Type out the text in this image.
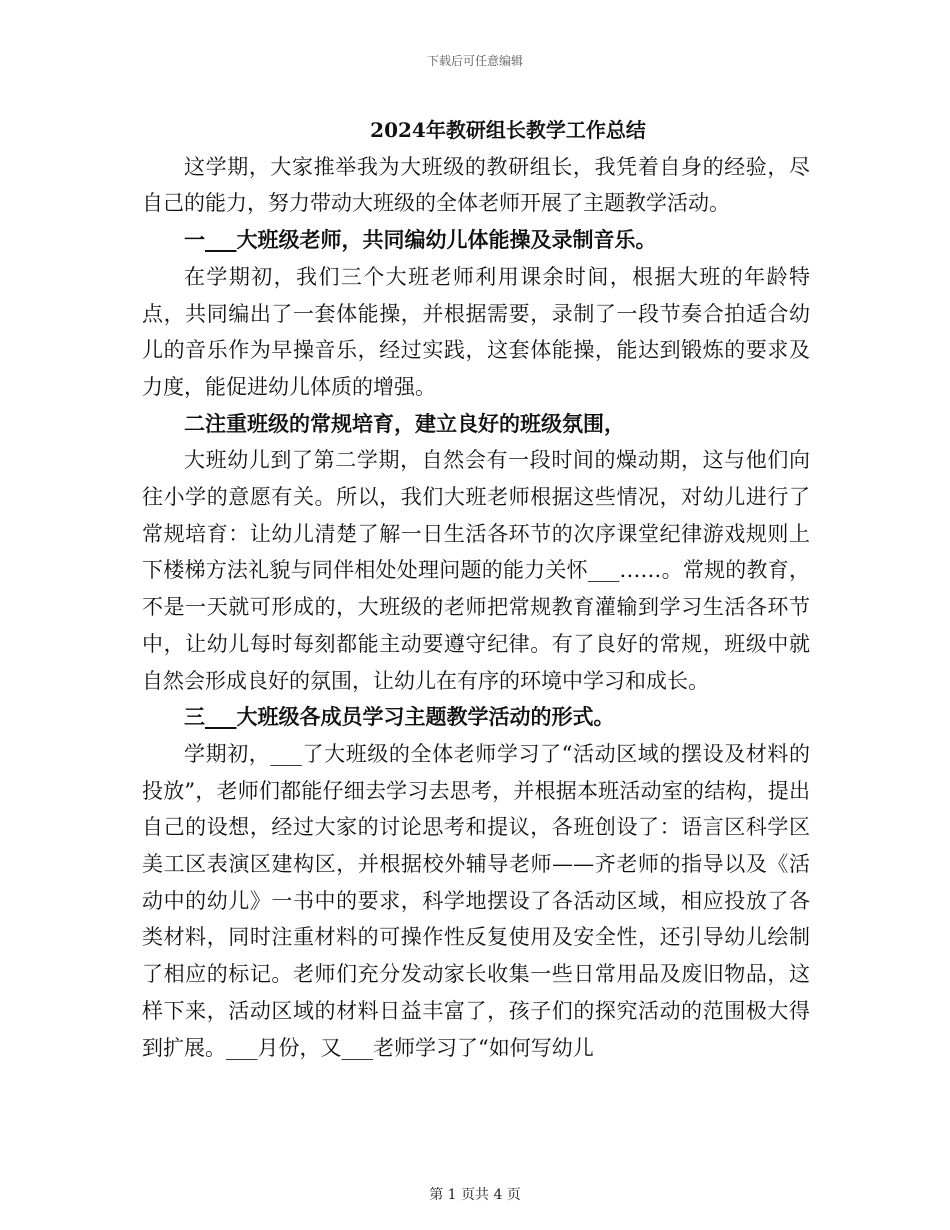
下载后可任意编辑

2024年教研组长教学工作总结

这学期，大家推举我为大班级的教研组长，我凭着自身的经验，尽自己的能力，努力带动大班级的全体老师开展了主题教学活动。

一___大班级老师，共同编幼儿体能操及录制音乐。

在学期初，我们三个大班老师利用课余时间，根据大班的年龄特点，共同编出了一套体能操，并根据需要，录制了一段节奏合拍适合幼儿的音乐作为早操音乐，经过实践，这套体能操，能达到锻炼的要求及力度，能促进幼儿体质的增强。

二注重班级的常规培育，建立良好的班级氛围，

大班幼儿到了第二学期，自然会有一段时间的燥动期，这与他们向往小学的意愿有关。所以，我们大班老师根据这些情况，对幼儿进行了常规培育：让幼儿清楚了解一日生活各环节的次序课堂纪律游戏规则上下楼梯方法礼貌与同伴相处处理问题的能力关怀___……。常规的教育，不是一天就可形成的，大班级的老师把常规教育灌输到学习生活各环节中，让幼儿每时每刻都能主动要遵守纪律。有了良好的常规，班级中就自然会形成良好的氛围，让幼儿在有序的环境中学习和成长。

三___大班级各成员学习主题教学活动的形式。

学期初，___了大班级的全体老师学习了“活动区域的摆设及材料的投放”，老师们都能仔细去学习去思考，并根据本班活动室的结构，提出自己的设想，经过大家的讨论思考和提议，各班创设了：语言区科学区美工区表演区建构区，并根据校外辅导老师——齐老师的指导以及《活动中的幼儿》一书中的要求，科学地摆设了各活动区域，相应投放了各类材料，同时注重材料的可操作性反复使用及安全性，还引导幼儿绘制了相应的标记。老师们充分发动家长收集一些日常用品及废旧物品，这样下来，活动区域的材料日益丰富了，孩子们的探究活动的范围极大得到扩展。___月份，又___老师学习了“如何写幼儿

第 1 页共 4 页
